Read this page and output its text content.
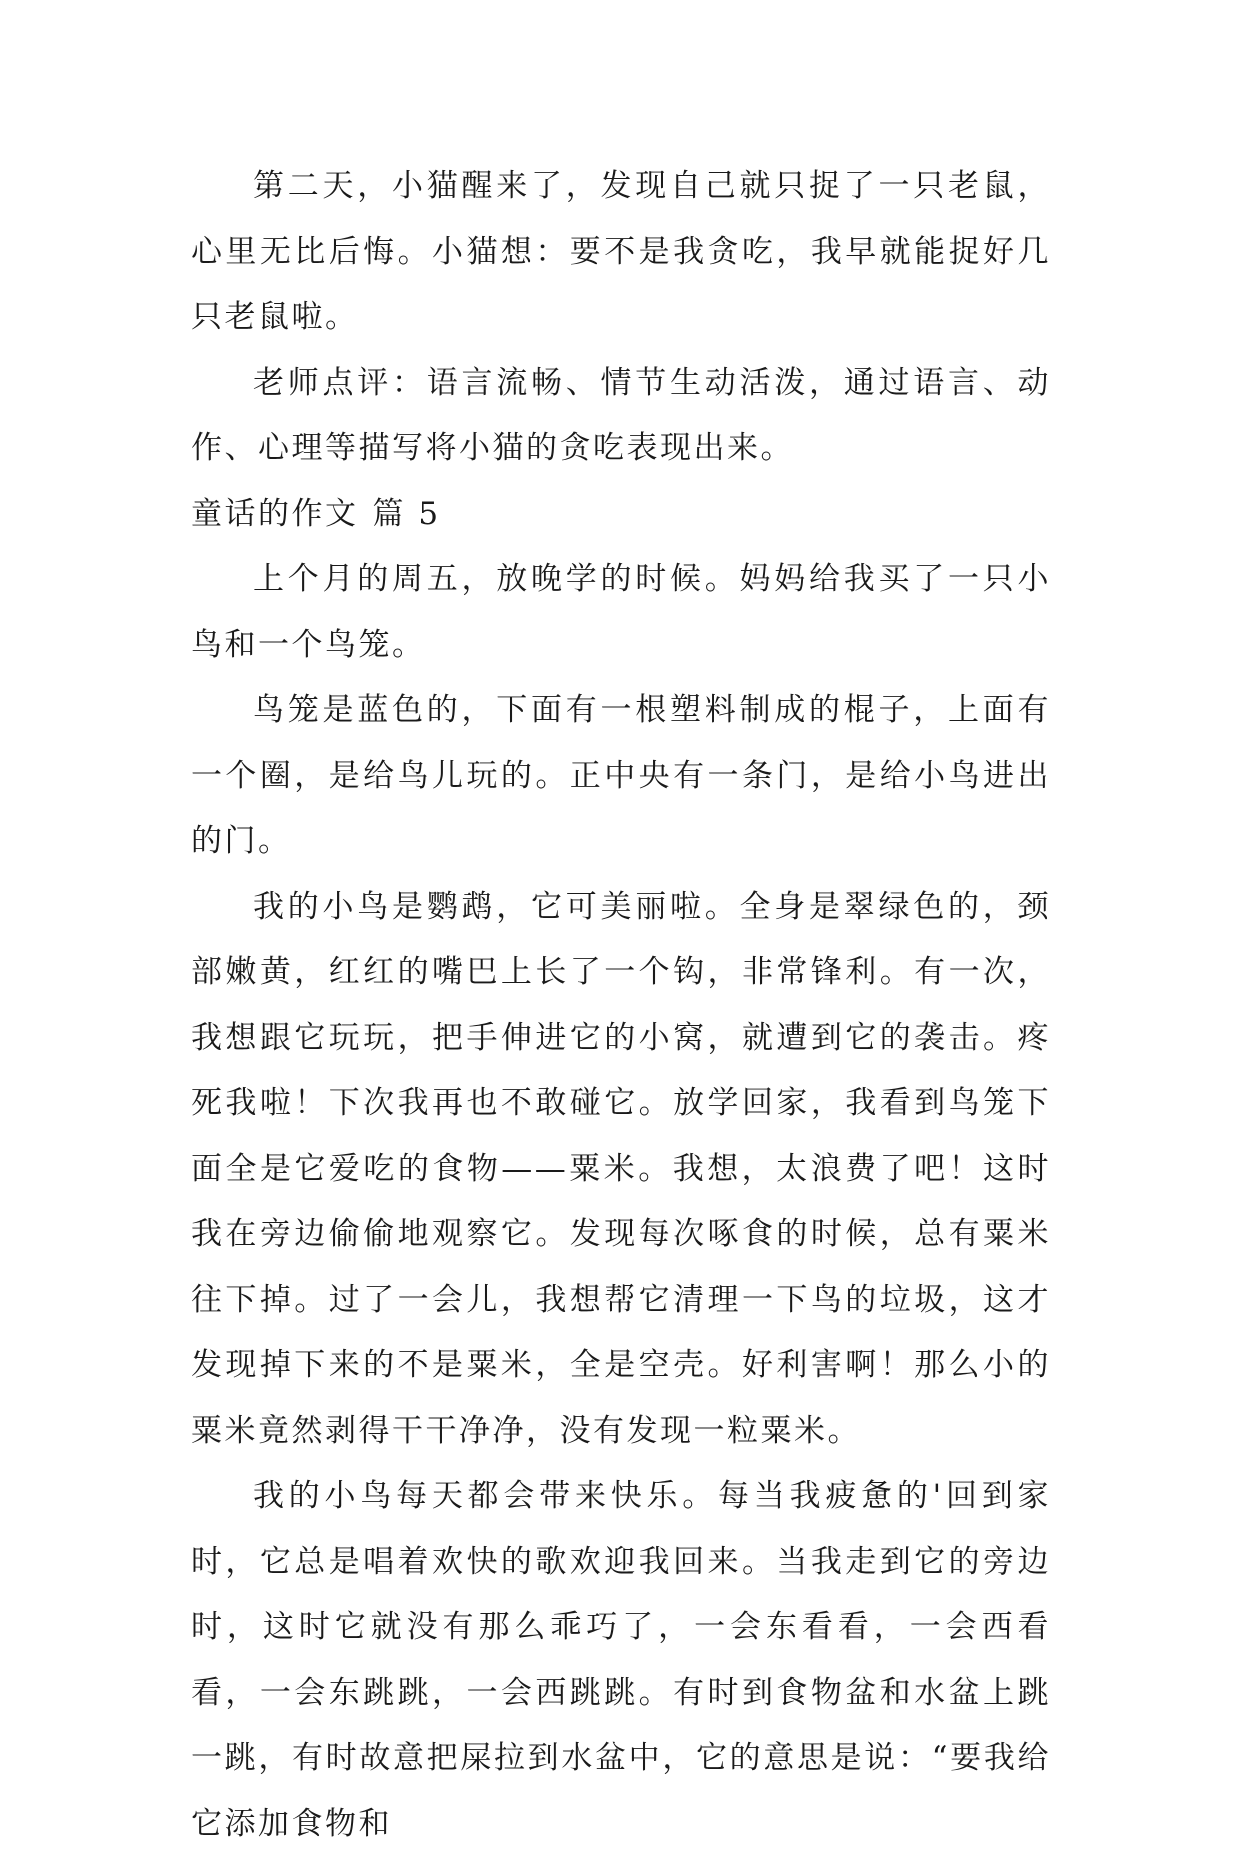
第二天，小猫醒来了，发现自己就只捉了一只老鼠，心里无比后悔。小猫想：要不是我贪吃，我早就能捉好几只老鼠啦。

老师点评：语言流畅、情节生动活泼，通过语言、动作、心理等描写将小猫的贪吃表现出来。

童话的作文 篇 5

上个月的周五，放晚学的时候。妈妈给我买了一只小鸟和一个鸟笼。

鸟笼是蓝色的，下面有一根塑料制成的棍子，上面有一个圈，是给鸟儿玩的。正中央有一条门，是给小鸟进出的门。

我的小鸟是鹦鹉，它可美丽啦。全身是翠绿色的，颈部嫩黄，红红的嘴巴上长了一个钩，非常锋利。有一次，我想跟它玩玩，把手伸进它的小窝，就遭到它的袭击。疼死我啦！下次我再也不敢碰它。放学回家，我看到鸟笼下面全是它爱吃的食物——粟米。我想，太浪费了吧！这时我在旁边偷偷地观察它。发现每次啄食的时候，总有粟米往下掉。过了一会儿，我想帮它清理一下鸟的垃圾，这才发现掉下来的不是粟米，全是空壳。好利害啊！那么小的粟米竟然剥得干干净净，没有发现一粒粟米。

我的小鸟每天都会带来快乐。每当我疲惫的'回到家时，它总是唱着欢快的歌欢迎我回来。当我走到它的旁边时，这时它就没有那么乖巧了，一会东看看，一会西看看，一会东跳跳，一会西跳跳。有时到食物盆和水盆上跳一跳，有时故意把屎拉到水盆中，它的意思是说：“要我给它添加食物和
